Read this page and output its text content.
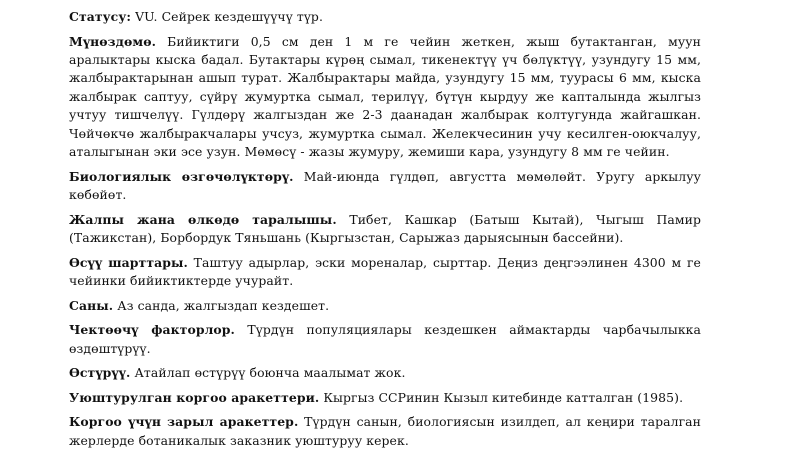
Статусу: VU. Сейрек кездешүүчү түр.

Мүнөздөмө. Бийиктиги 0,5 см ден 1 м ге чейин жеткен, жыш бутактанган, муун аралыктары кыска бадал. Бутактары күрөң сымал, тикенектүү үч бөлүктүү, узундугу 15 мм, жалбырактарынан ашып турат. Жалбырактары майда, узундугу 15 мм, туурасы 6 мм, кыска жалбырак саптуу, сүйрү жумуртка сымал, терилүү, бүтүн кырдуу же капталында жылгыз учтуу тишчелүү. Гүлдөрү жалгыздан же 2-3 даанадан жалбырак колтугунда жайгашкан. Чөйчөкчө жалбыракчалары учсуз, жумуртка сымал. Желекчесинин учу кесилген-оюкчалуу, аталыгынан эки эсе узун. Мөмөсү - жазы жумуру, жемиши кара, узундугу 8 мм ге чейин.

Биологиялык өзгөчөлүктөрү. Май-июнда гүлдөп, августта мөмөлөйт. Уругу аркылуу көбөйөт.

Жалпы жана өлкөдө таралышы. Тибет, Кашкар (Батыш Кытай), Чыгыш Памир (Тажикстан), Борбордук Тяньшань (Кыргызстан, Сарыжаз дарыясынын бассейни).

Өсүү шарттары. Таштуу адырлар, эски мореналар, сырттар. Деңиз деңгээлинен 4300 м ге чейинки бийиктиктерде учурайт.

Саны. Аз санда, жалгыздап кездешет.

Чектөөчү факторлор. Түрдүн популяциялары кездешкен аймактарды чарбачылыкка өздөштүрүү.

Өстүрүү. Атайлап өстүрүү боюнча маалымат жок.

Уюштурулган коргоо аракеттери. Кыргыз ССРинин Кызыл китебинде катталган (1985).

Коргоо үчүн зарыл аракеттер. Түрдүн санын, биологиясын изилдеп, ал кеңири таралган жерлерде ботаникалык заказник уюштуруу керек.
